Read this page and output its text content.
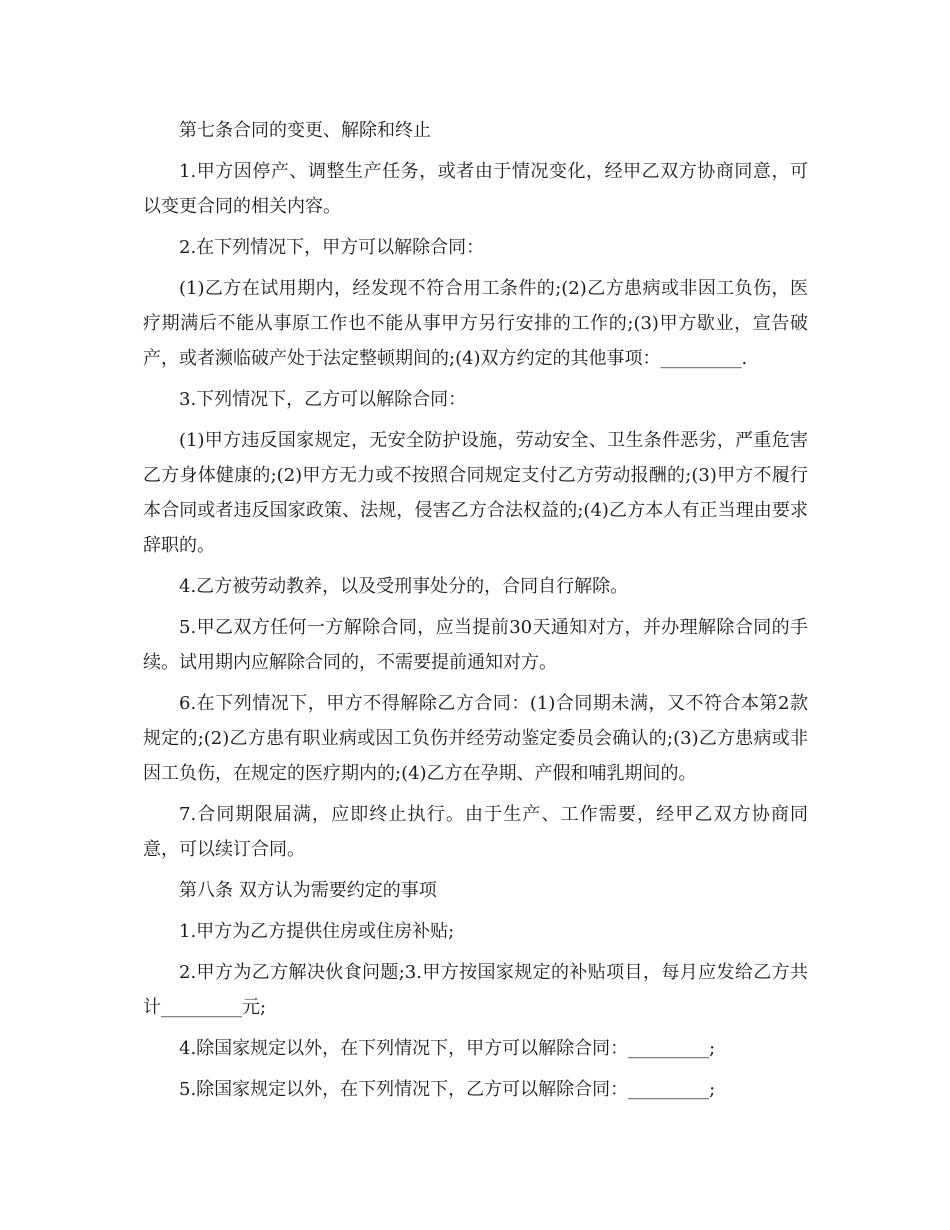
第七条合同的变更、解除和终止

1.甲方因停产、调整生产任务，或者由于情况变化，经甲乙双方协商同意，可以变更合同的相关内容。

2.在下列情况下，甲方可以解除合同：

(1)乙方在试用期内，经发现不符合用工条件的;(2)乙方患病或非因工负伤，医疗期满后不能从事原工作也不能从事甲方另行安排的工作的;(3)甲方歇业，宣告破产，或者濒临破产处于法定整顿期间的;(4)双方约定的其他事项：_________.

3.下列情况下，乙方可以解除合同：

(1)甲方违反国家规定，无安全防护设施，劳动安全、卫生条件恶劣，严重危害乙方身体健康的;(2)甲方无力或不按照合同规定支付乙方劳动报酬的;(3)甲方不履行本合同或者违反国家政策、法规，侵害乙方合法权益的;(4)乙方本人有正当理由要求辞职的。

4.乙方被劳动教养，以及受刑事处分的，合同自行解除。

5.甲乙双方任何一方解除合同，应当提前30天通知对方，并办理解除合同的手续。试用期内应解除合同的，不需要提前通知对方。

6.在下列情况下，甲方不得解除乙方合同：(1)合同期未满，又不符合本第2款规定的;(2)乙方患有职业病或因工负伤并经劳动鉴定委员会确认的;(3)乙方患病或非因工负伤，在规定的医疗期内的;(4)乙方在孕期、产假和哺乳期间的。

7.合同期限届满，应即终止执行。由于生产、工作需要，经甲乙双方协商同意，可以续订合同。

第八条 双方认为需要约定的事项

1.甲方为乙方提供住房或住房补贴;

2.甲方为乙方解决伙食问题;3.甲方按国家规定的补贴项目，每月应发给乙方共计_________元;

4.除国家规定以外，在下列情况下，甲方可以解除合同：_________;

5.除国家规定以外，在下列情况下，乙方可以解除合同：_________;
